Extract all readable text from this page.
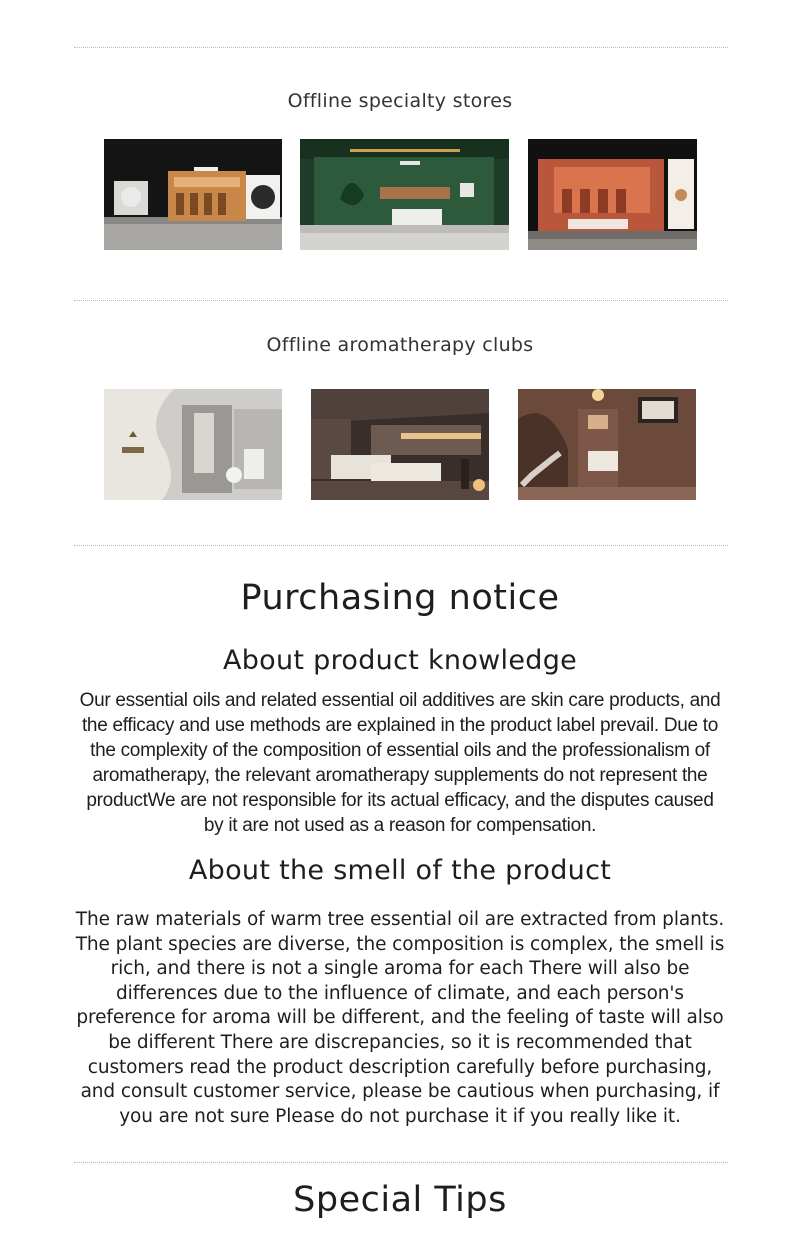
Offline specialty stores
Offline aromatherapy clubs
Purchasing notice
About product knowledge

Our essential oils and related essential oil additives are skin care products, and
the efficacy and use methods are explained in the product label prevail. Due to
the complexity of the composition of essential oils and the professionalism of
aromatherapy, the relevant aromatherapy supplements do not represent the
productWe are not responsible for its actual efficacy, and the disputes caused
by it are not used as a reason for compensation.

About the smell of the product

The raw materials of warm tree essential oil are extracted from plants.
The plant species are diverse, the composition is complex, the smell is
rich, and there is not a single aroma for each There will also be
differences due to the influence of climate, and each person's
preference for aroma will be different, and the feeling of taste will also
be different There are discrepancies, so it is recommended that
customers read the product description carefully before purchasing,
and consult customer service, please be cautious when purchasing, if
you are not sure Please do not purchase it if you really like it.

Special Tips
